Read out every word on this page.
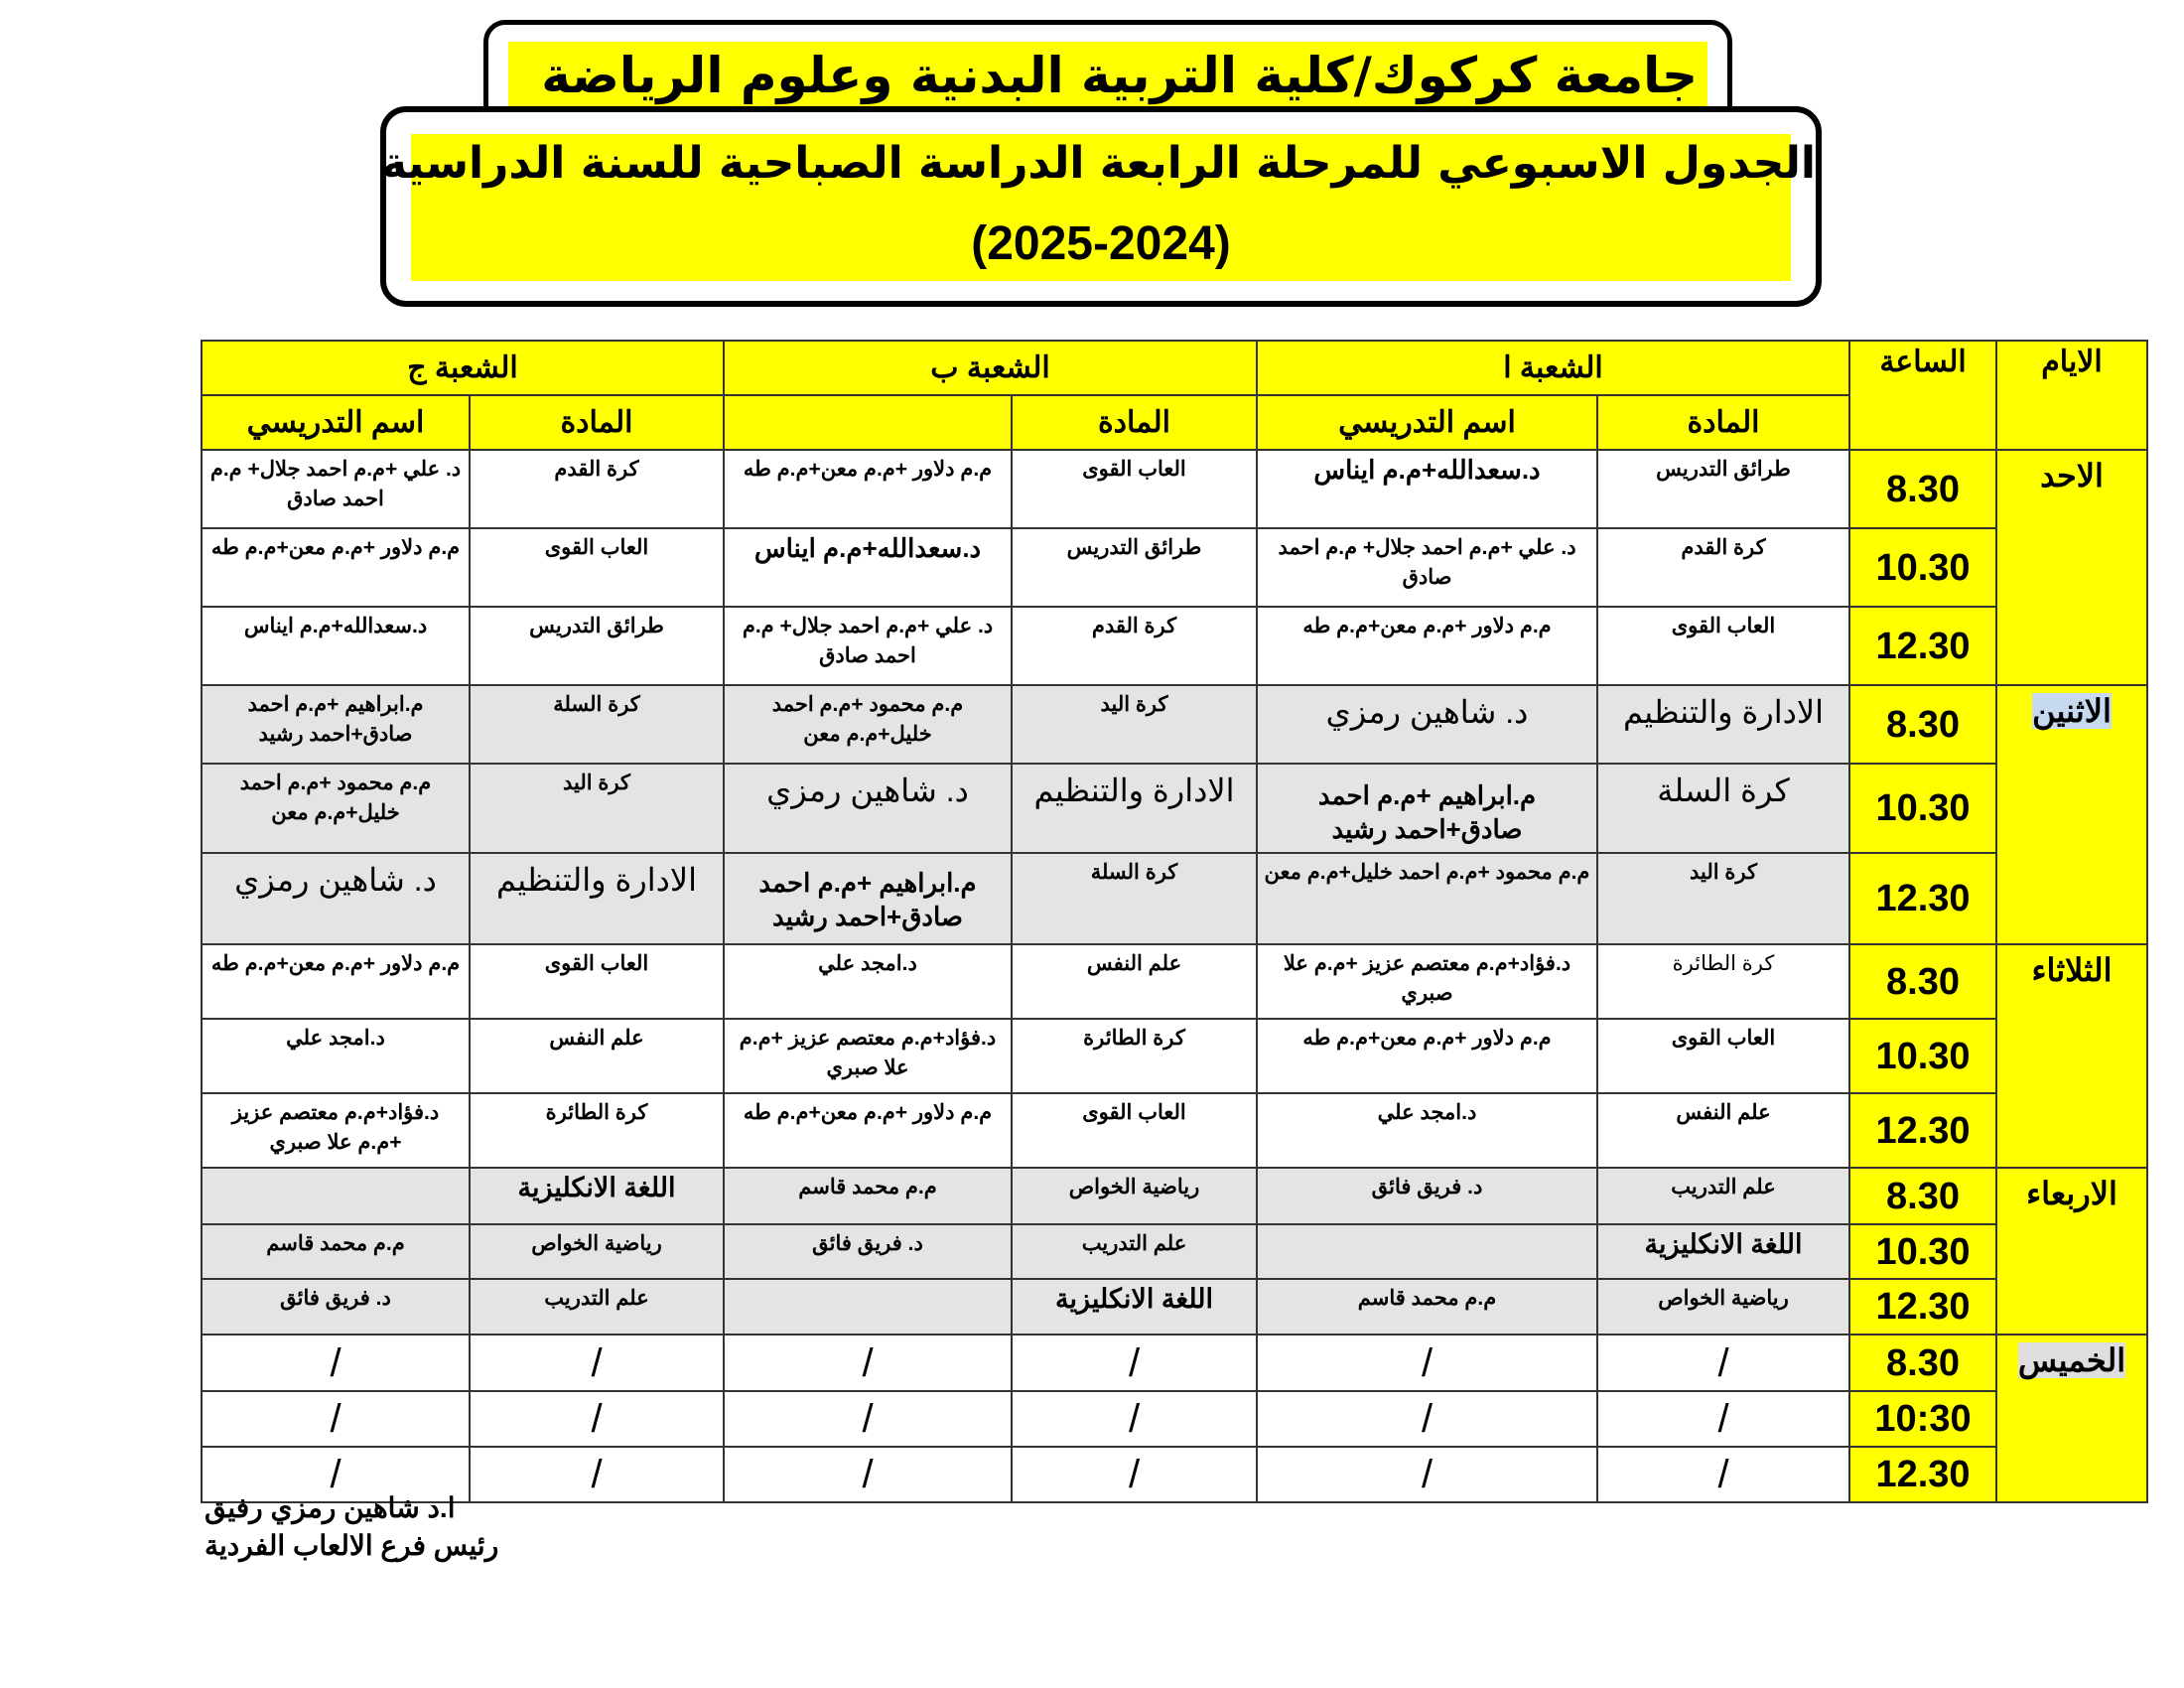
جامعة كركوك/كلية التربية البدنية وعلوم الرياضة
الجدول الاسبوعي للمرحلة الرابعة الدراسة الصباحية للسنة الدراسية
(2025-2024)
الايام	الساعة	الشعبة ا		الشعبة ب		الشعبة ج	
		المادة	اسم التدريسي	المادة		المادة	اسم التدريسي
الاحد	8.30	طرائق التدريس	د.سعدالله+م.م ايناس	العاب القوى	م.م دلاور +م.م معن+م.م طه	كرة القدم	د. علي +م.م احمد جلال+ م.م احمد صادق

	10.30	كرة القدم	د. علي +م.م احمد جلال+ م.م احمد صادق	طرائق التدريس	د.سعدالله+م.م ايناس	العاب القوى	م.م دلاور +م.م معن+م.م طه

	12.30	العاب القوى	م.م دلاور +م.م معن+م.م طه	كرة القدم	د. علي +م.م احمد جلال+ م.م احمد صادق	طرائق التدريس	د.سعدالله+م.م ايناس

الاثنين	8.30	الادارة والتنظيم	د. شاهين رمزي	كرة اليد	م.م محمود +م.م احمد خليل+م.م معن	كرة السلة	م.ابراهيم +م.م احمد صادق+احمد رشيد

	10.30	كرة السلة	م.ابراهيم +م.م احمد صادق+احمد رشيد	الادارة والتنظيم	د. شاهين رمزي	كرة اليد	م.م محمود +م.م احمد خليل+م.م معن

	12.30	كرة اليد	م.م محمود +م.م احمد خليل+م.م معن	كرة السلة	م.ابراهيم +م.م احمد صادق+احمد رشيد	الادارة والتنظيم	د. شاهين رمزي

الثلاثاء	8.30	كرة الطائرة	د.فؤاد+م.م معتصم عزيز +م.م علا صبري	علم النفس	د.امجد علي	العاب القوى	م.م دلاور +م.م معن+م.م طه

	10.30	العاب القوى	م.م دلاور +م.م معن+م.م طه	كرة الطائرة	د.فؤاد+م.م معتصم عزيز +م.م علا صبري	علم النفس	د.امجد علي

	12.30	علم النفس	د.امجد علي	العاب القوى	م.م دلاور +م.م معن+م.م طه	كرة الطائرة	د.فؤاد+م.م معتصم عزيز +م.م علا صبري

الاربعاء	8.30	علم التدريب	د. فريق فائق	رياضية الخواص	م.م محمد قاسم	اللغة الانكليزية	

	10.30	اللغة الانكليزية		علم التدريب	د. فريق فائق	رياضية الخواص	م.م محمد قاسم

	12.30	رياضية الخواص	م.م محمد قاسم	اللغة الانكليزية		علم التدريب	د. فريق فائق

الخميس	8.30	/	/	/	/	/	/
	10:30	/	/	/	/	/	/
	12.30	/	/	/	/	/	/
ا.د شاهين رمزي رفيق
رئيس فرع الالعاب الفردية
